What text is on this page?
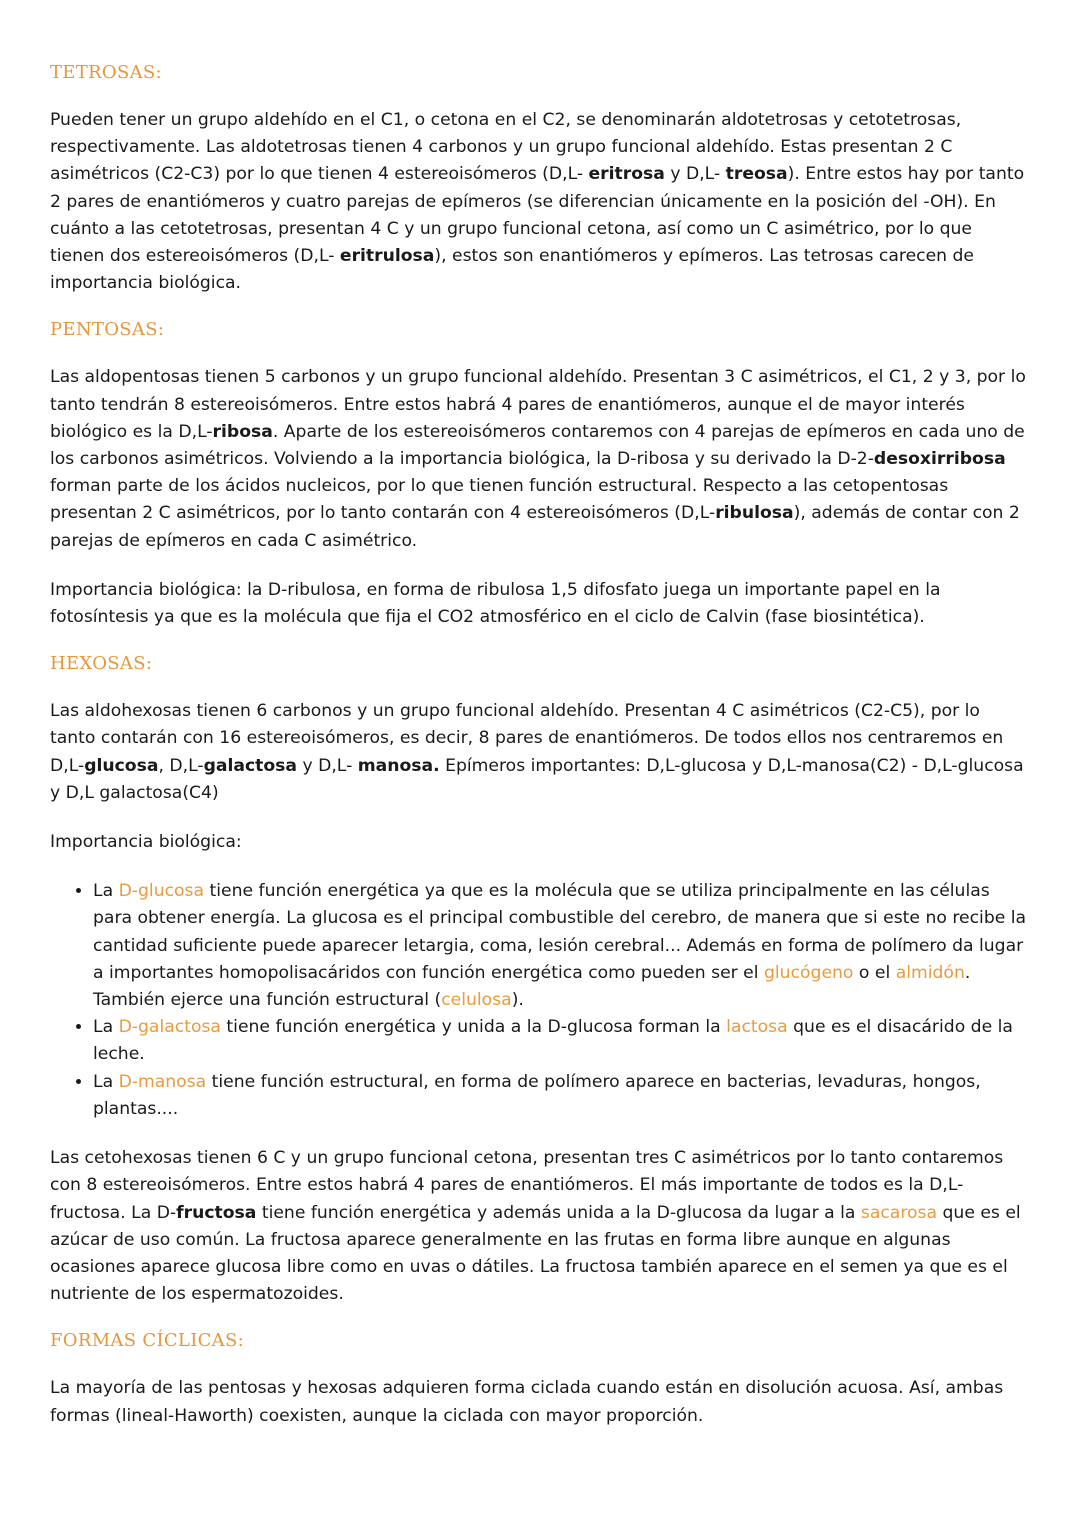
TETROSAS:

Pueden tener un grupo aldehído en el C1, o cetona en el C2, se denominarán aldotetrosas y cetotetrosas, respectivamente. Las aldotetrosas tienen 4 carbonos y un grupo funcional aldehído. Estas presentan 2 C asimétricos (C2-C3) por lo que tienen 4 estereoisómeros (D,L- eritrosa y D,L- treosa). Entre estos hay por tanto 2 pares de enantiómeros y cuatro parejas de epímeros (se diferencian únicamente en la posición del -OH). En cuánto a las cetotetrosas, presentan 4 C y un grupo funcional cetona, así como un C asimétrico, por lo que tienen dos estereoisómeros (D,L- eritrulosa), estos son enantiómeros y epímeros. Las tetrosas carecen de importancia biológica.

PENTOSAS:

Las aldopentosas tienen 5 carbonos y un grupo funcional aldehído. Presentan 3 C asimétricos, el C1, 2 y 3, por lo tanto tendrán 8 estereoisómeros. Entre estos habrá 4 pares de enantiómeros, aunque el de mayor interés biológico es la D,L-ribosa. Aparte de los estereoisómeros contaremos con 4 parejas de epímeros en cada uno de los carbonos asimétricos. Volviendo a la importancia biológica, la D-ribosa y su derivado la D-2-desoxirribosa forman parte de los ácidos nucleicos, por lo que tienen función estructural. Respecto a las cetopentosas presentan 2 C asimétricos, por lo tanto contarán con 4 estereoisómeros (D,L-ribulosa), además de contar con 2 parejas de epímeros en cada C asimétrico.

Importancia biológica: la D-ribulosa, en forma de ribulosa 1,5 difosfato juega un importante papel en la fotosíntesis ya que es la molécula que fija el CO2 atmosférico en el ciclo de Calvin (fase biosintética).

HEXOSAS:

Las aldohexosas tienen 6 carbonos y un grupo funcional aldehído. Presentan 4 C asimétricos (C2-C5), por lo tanto contarán con 16 estereoisómeros, es decir, 8 pares de enantiómeros. De todos ellos nos centraremos en D,L-glucosa, D,L-galactosa y D,L- manosa. Epímeros importantes: D,L-glucosa y D,L-manosa(C2) - D,L-glucosa y D,L galactosa(C4)

Importancia biológica:

• La D-glucosa tiene función energética ya que es la molécula que se utiliza principalmente en las células para obtener energía. La glucosa es el principal combustible del cerebro, de manera que si este no recibe la cantidad suficiente puede aparecer letargia, coma, lesión cerebral... Además en forma de polímero da lugar a importantes homopolisacáridos con función energética como pueden ser el glucógeno o el almidón. También ejerce una función estructural (celulosa).
• La D-galactosa tiene función energética y unida a la D-glucosa forman la lactosa que es el disacárido de la leche.
• La D-manosa tiene función estructural, en forma de polímero aparece en bacterias, levaduras, hongos, plantas....

Las cetohexosas tienen 6 C y un grupo funcional cetona, presentan tres C asimétricos por lo tanto contaremos con 8 estereoisómeros. Entre estos habrá 4 pares de enantiómeros. El más importante de todos es la D,L-fructosa. La D-fructosa tiene función energética y además unida a la D-glucosa da lugar a la sacarosa que es el azúcar de uso común. La fructosa aparece generalmente en las frutas en forma libre aunque en algunas ocasiones aparece glucosa libre como en uvas o dátiles. La fructosa también aparece en el semen ya que es el nutriente de los espermatozoides.

FORMAS CÍCLICAS:

La mayoría de las pentosas y hexosas adquieren forma ciclada cuando están en disolución acuosa. Así, ambas formas (lineal-Haworth) coexisten, aunque la ciclada con mayor proporción.
